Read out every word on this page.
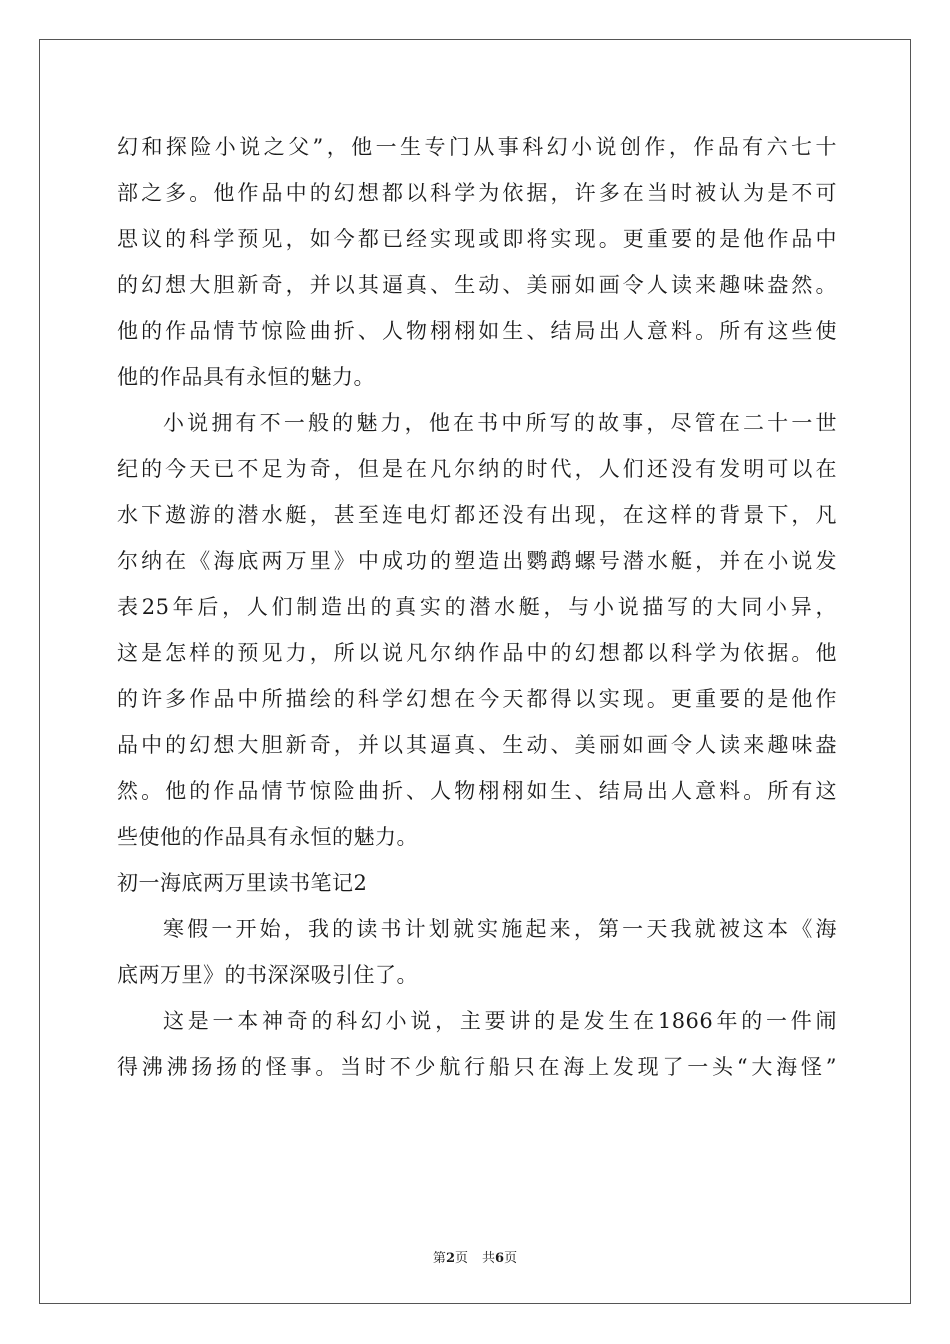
幻和探险小说之父”，他一生专门从事科幻小说创作，作品有六七十
部之多。他作品中的幻想都以科学为依据，许多在当时被认为是不可
思议的科学预见，如今都已经实现或即将实现。更重要的是他作品中
的幻想大胆新奇，并以其逼真、生动、美丽如画令人读来趣味盎然。
他的作品情节惊险曲折、人物栩栩如生、结局出人意料。所有这些使
他的作品具有永恒的魅力。
小说拥有不一般的魅力，他在书中所写的故事，尽管在二十一世
纪的今天已不足为奇，但是在凡尔纳的时代，人们还没有发明可以在
水下遨游的潜水艇，甚至连电灯都还没有出现，在这样的背景下，凡
尔纳在《海底两万里》中成功的塑造出鹦鹉螺号潜水艇，并在小说发
表25年后，人们制造出的真实的潜水艇，与小说描写的大同小异，
这是怎样的预见力，所以说凡尔纳作品中的幻想都以科学为依据。他
的许多作品中所描绘的科学幻想在今天都得以实现。更重要的是他作
品中的幻想大胆新奇，并以其逼真、生动、美丽如画令人读来趣味盎
然。他的作品情节惊险曲折、人物栩栩如生、结局出人意料。所有这
些使他的作品具有永恒的魅力。
初一海底两万里读书笔记2
寒假一开始，我的读书计划就实施起来，第一天我就被这本《海
底两万里》的书深深吸引住了。
这是一本神奇的科幻小说，主要讲的是发生在1866年的一件闹
得沸沸扬扬的怪事。当时不少航行船只在海上发现了一头“大海怪”
第2页 共6页
